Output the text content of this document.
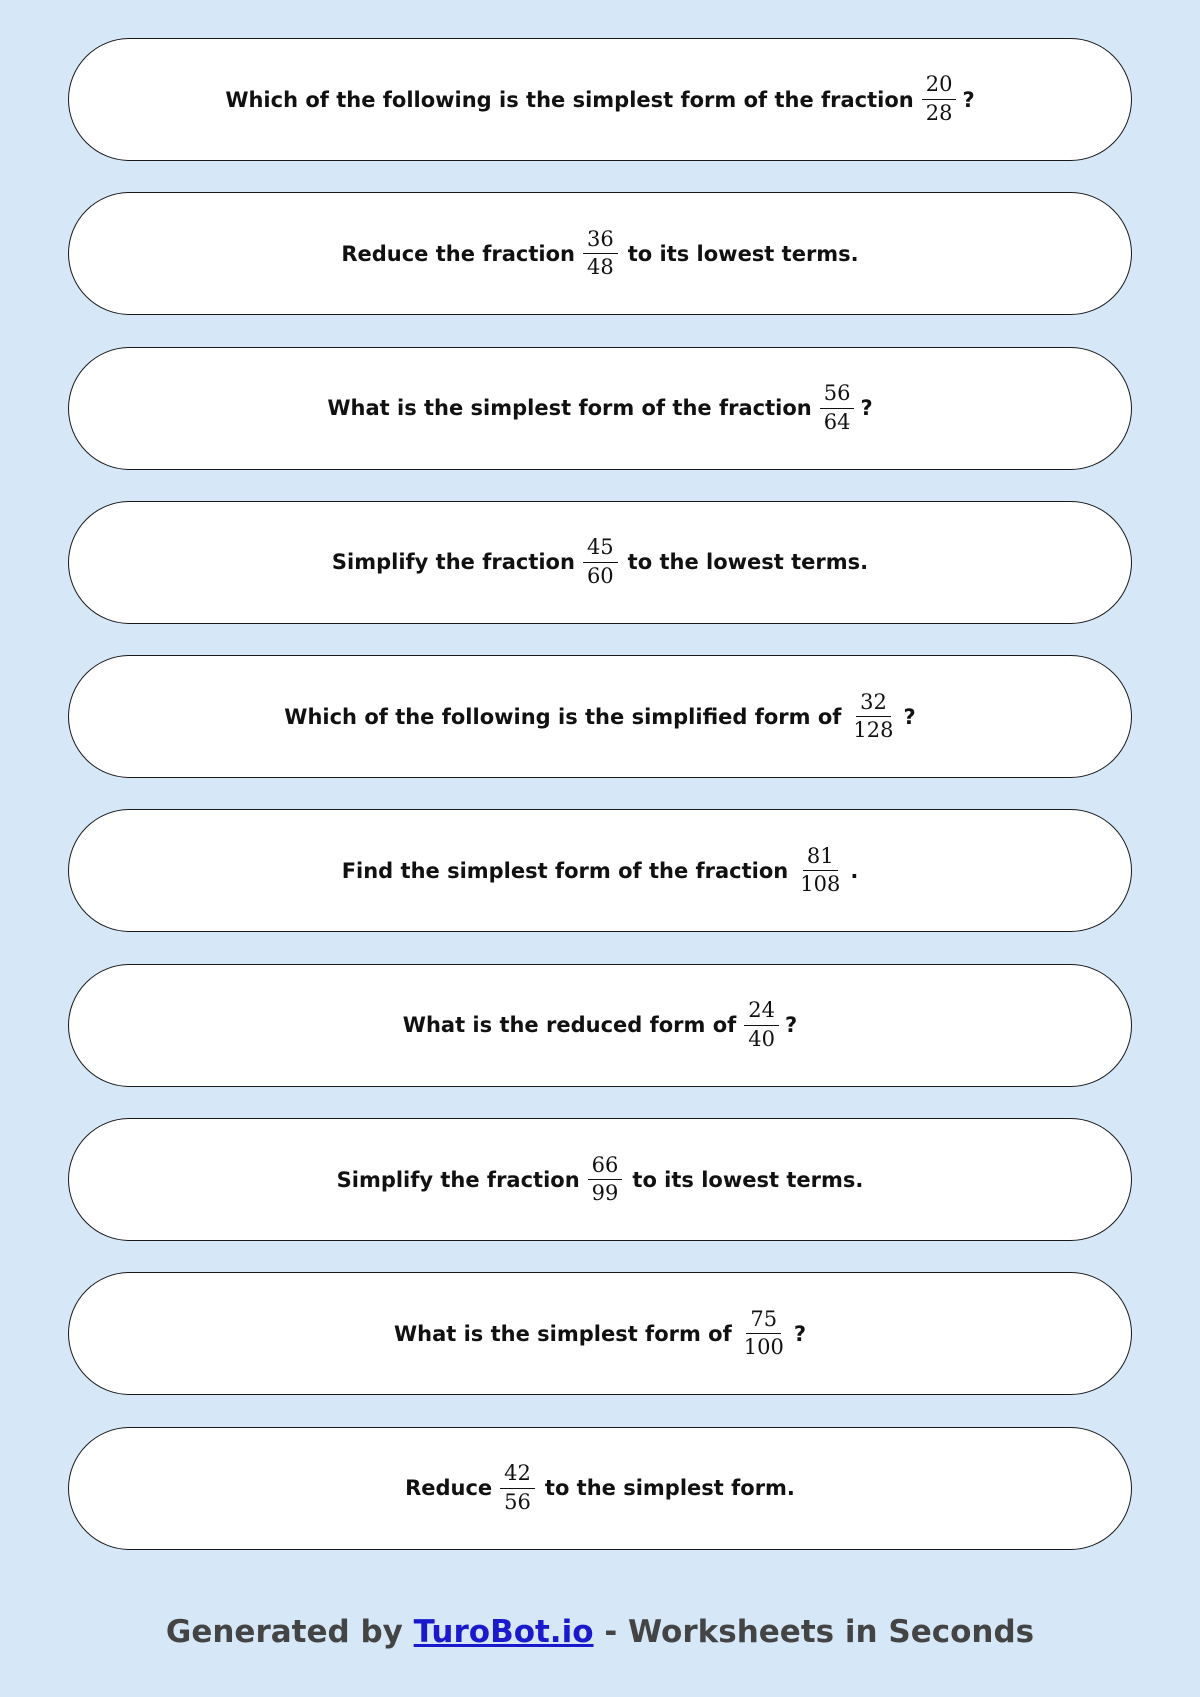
Which of the following is the simplest form of the fraction $\frac{20}{28}$ ?
Reduce the fraction $\frac{36}{48}$ to its lowest terms.
What is the simplest form of the fraction $\frac{56}{64}$ ?
Simplify the fraction $\frac{45}{60}$ to the lowest terms.
Which of the following is the simplified form of $\frac{32}{128}$ ?
Find the simplest form of the fraction $\frac{81}{108}$ .
What is the reduced form of $\frac{24}{40}$ ?
Simplify the fraction $\frac{66}{99}$ to its lowest terms.
What is the simplest form of $\frac{75}{100}$ ?
Reduce $\frac{42}{56}$ to the simplest form.
Generated by TuroBot.io - Worksheets in Seconds
